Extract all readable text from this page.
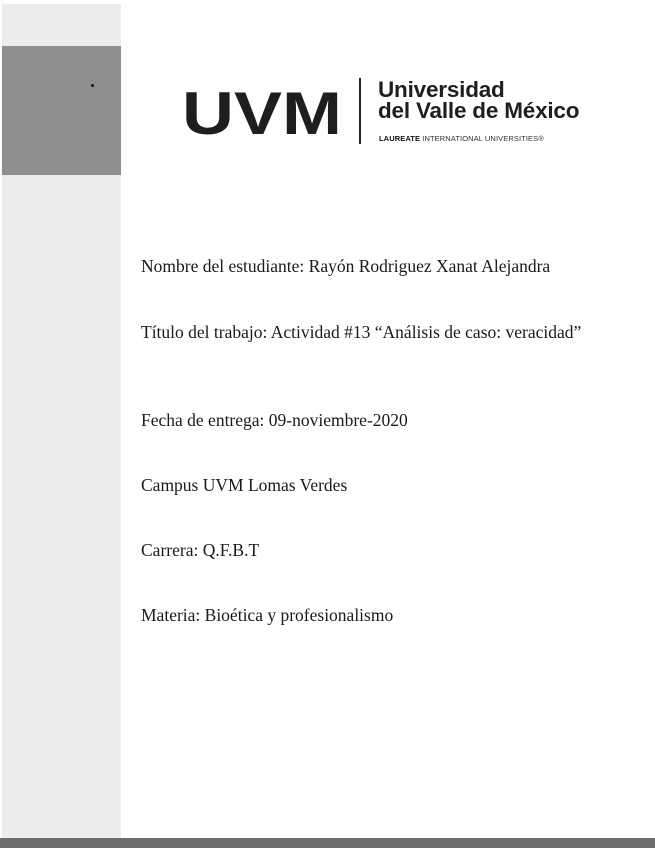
UVM Universidad
del Valle de México
LAUREATE INTERNATIONAL UNIVERSITIES®

Nombre del estudiante: Rayón Rodriguez Xanat Alejandra

Título del trabajo: Actividad #13 “Análisis de caso: veracidad”

Fecha de entrega: 09-noviembre-2020

Campus UVM Lomas Verdes

Carrera: Q.F.B.T

Materia: Bioética y profesionalismo
